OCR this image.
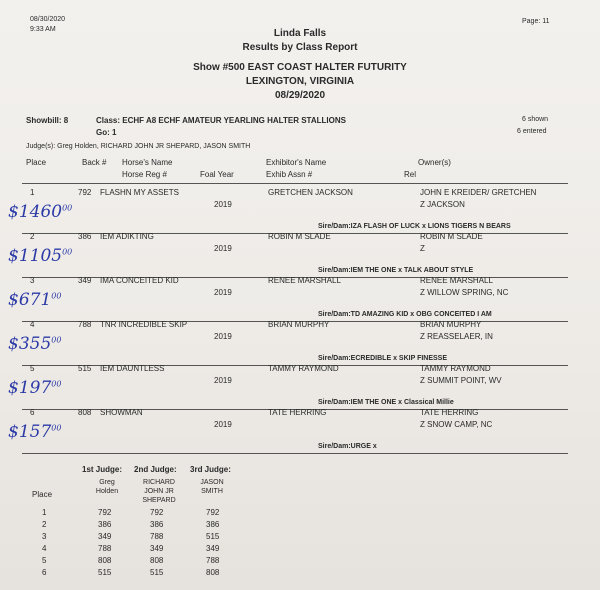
08/30/2020
9:33 AM
Page: 11
Linda Falls
Results by Class Report
Show #500 EAST COAST HALTER FUTURITY
LEXINGTON, VIRGINIA
08/29/2020
Showbill: 8	Class: ECHF A8 ECHF AMATEUR YEARLING HALTER STALLIONS
Go: 1
6 shown
6 entered
Judge(s): Greg Holden, RICHARD JOHN JR SHEPARD, JASON SMITH
Place	Back # Horse's Name
Horse Reg #	Foal Year
Exhibitor's Name
Exhib Assn #	Rel
Owner(s)
1	792 FLASHN MY ASSETS
2019
GRETCHEN JACKSON	JOHN E KREIDER/ GRETCHEN
Z JACKSON
Sire/Dam:IZA FLASH OF LUCK x LIONS TIGERS N BEARS
$1460$^{00}$
2	386 IEM ADIKTING
2019
ROBIN M SLADE	ROBIN M SLADE
Z
Sire/Dam:IEM THE ONE x TALK ABOUT STYLE
$1105$^{00}$
3	349 IMA CONCEITED KID
2019
RENEE MARSHALL	RENEE MARSHALL
Z WILLOW SPRING, NC
Sire/Dam:TD AMAZING KID x OBG CONCEITED I AM
$\$671^{00}$
4	788 TNR INCREDIBLE SKIP
2019
BRIAN MURPHY	BRIAN MURPHY
Z REASSELAER, IN
Sire/Dam:ECREDIBLE x SKIP FINESSE
$\$355^{00}$
5	515 IEM DAUNTLESS
2019
TAMMY RAYMOND	TAMMY RAYMOND
Z SUMMIT POINT, WV
Sire/Dam:IEM THE ONE x Classical Millie
$\$197^{00}$
6	808 SHOWMAN
2019
TATE HERRING	TATE HERRING
Z SNOW CAMP, NC
Sire/Dam:URGE x
$\$157^{00}$
1st Judge: 2nd Judge: 3rd Judge:
Greg
Holden
RICHARD
JOHN JR
SHEPARD
JASON
SMITH
Place
1	792	792	792
2	386	386	386
3	349	788	515
4	788	349	349
5	808	808	788
6	515	515	808
